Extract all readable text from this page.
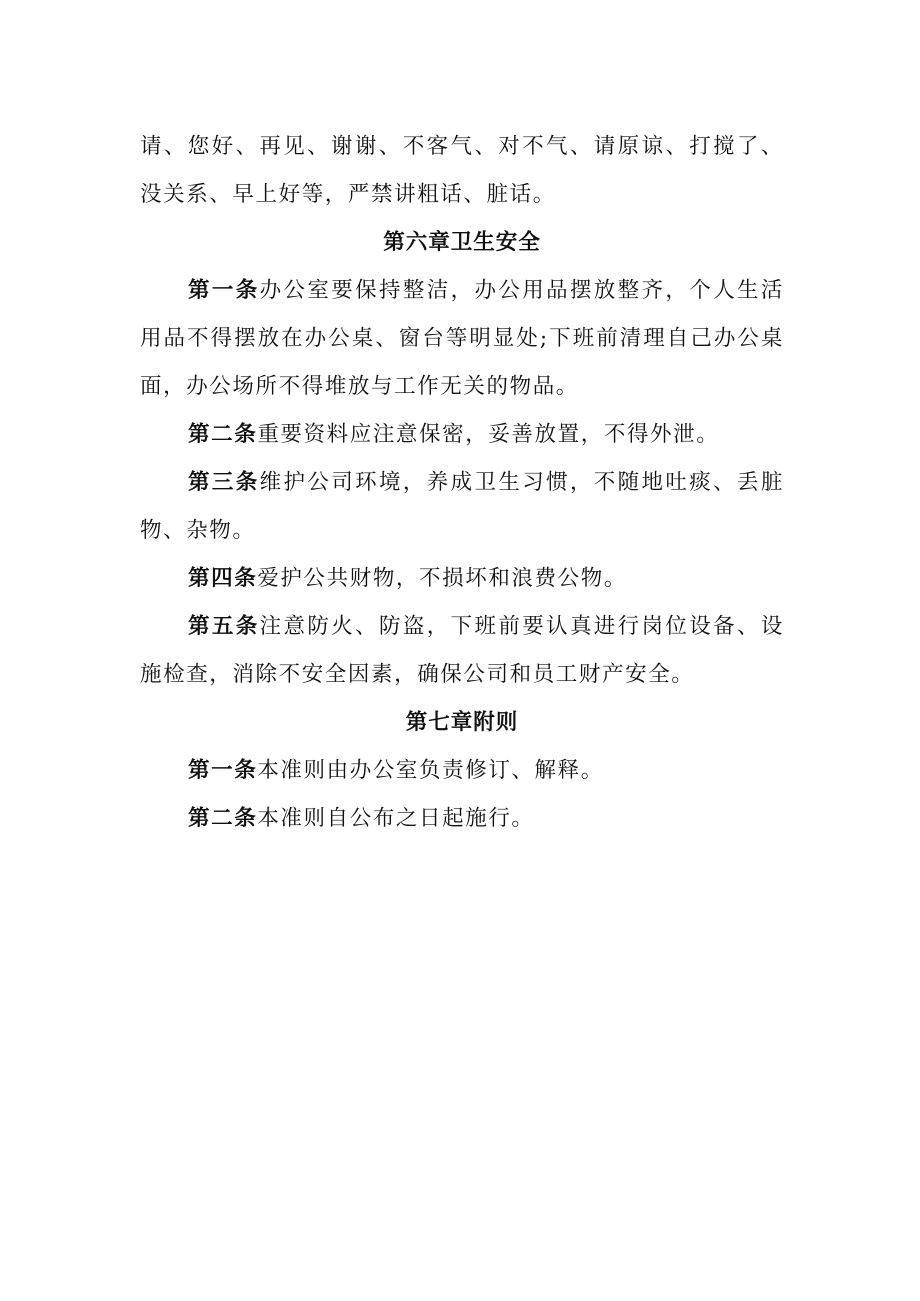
请、您好、再见、谢谢、不客气、对不气、请原谅、打搅了、没关系、早上好等，严禁讲粗话、脏话。

第六章卫生安全

第一条办公室要保持整洁，办公用品摆放整齐，个人生活用品不得摆放在办公桌、窗台等明显处;下班前清理自己办公桌面，办公场所不得堆放与工作无关的物品。

第二条重要资料应注意保密，妥善放置，不得外泄。

第三条维护公司环境，养成卫生习惯，不随地吐痰、丢脏物、杂物。

第四条爱护公共财物，不损坏和浪费公物。

第五条注意防火、防盗，下班前要认真进行岗位设备、设施检查，消除不安全因素，确保公司和员工财产安全。

第七章附则

第一条本准则由办公室负责修订、解释。

第二条本准则自公布之日起施行。
